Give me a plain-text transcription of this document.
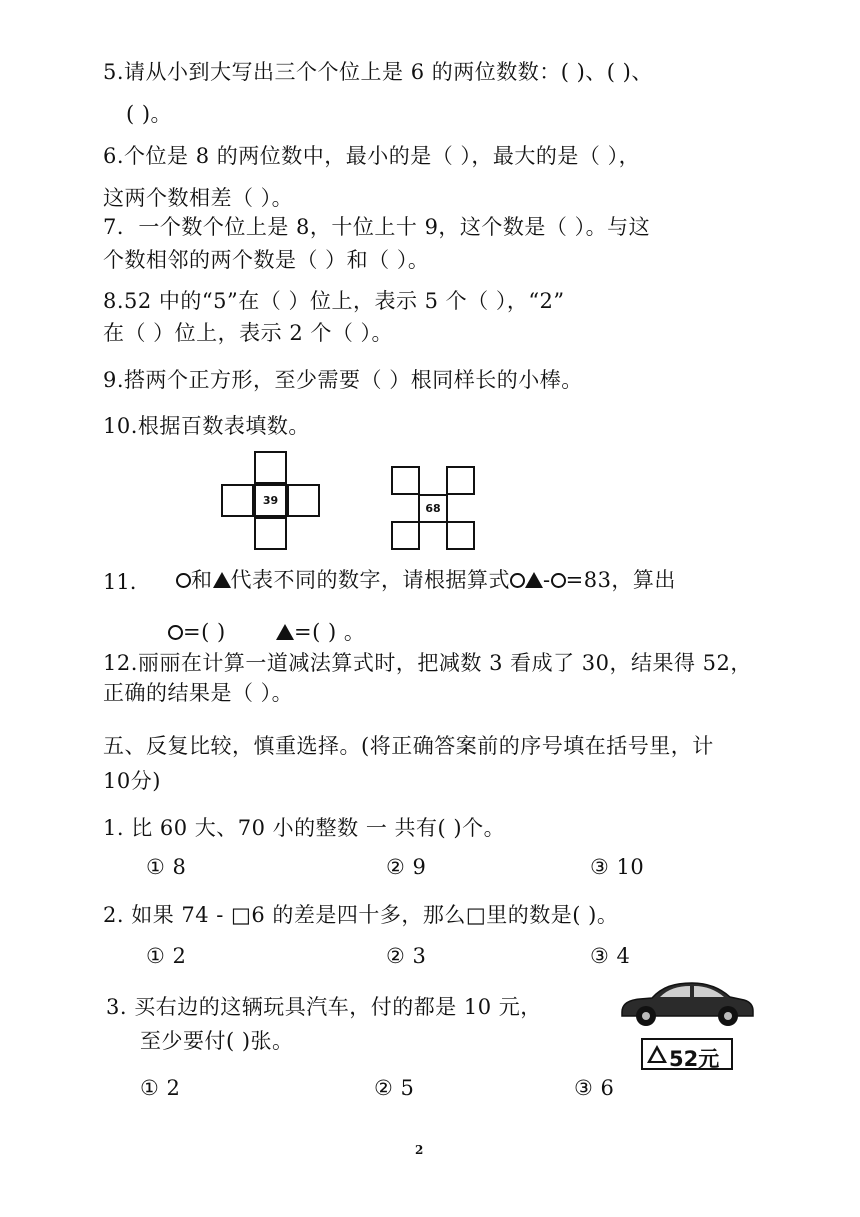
5.请从小到大写出三个个位上是 6 的两位数数：( )、( )、
( )。
6.个位是 8 的两位数中，最小的是（ ），最大的是（ ），
这两个数相差（ ）。
7．一个数个位上是 8，十位上十 9，这个数是（ ）。与这
个数相邻的两个数是（ ）和（ ）。
8.52 中的“5”在（ ）位上，表示 5 个（ ），“2”
在（ ）位上，表示 2 个（ ）。
9.搭两个正方形，至少需要（ ）根同样长的小棒。
10.根据百数表填数。
39
68
11.	和 代表不同的数字，请根据算式 - =83，算出
=( )	=( ) 。
12.丽丽在计算一道减法算式时，把减数 3 看成了 30，结果得 52，
正确的结果是（ ）。
五、反复比较，慎重选择。(将正确答案前的序号填在括号里，计
10分)
1. 比 60 大、70 小的整数 一 共有( )个。
① 8	② 9	③ 10
2. 如果 74 - □6 的差是四十多，那么□里的数是( )。
① 2	② 3	③ 4
3. 买右边的这辆玩具汽车，付的都是 10 元，
至少要付( )张。
52元
① 2	② 5	③ 6
2
